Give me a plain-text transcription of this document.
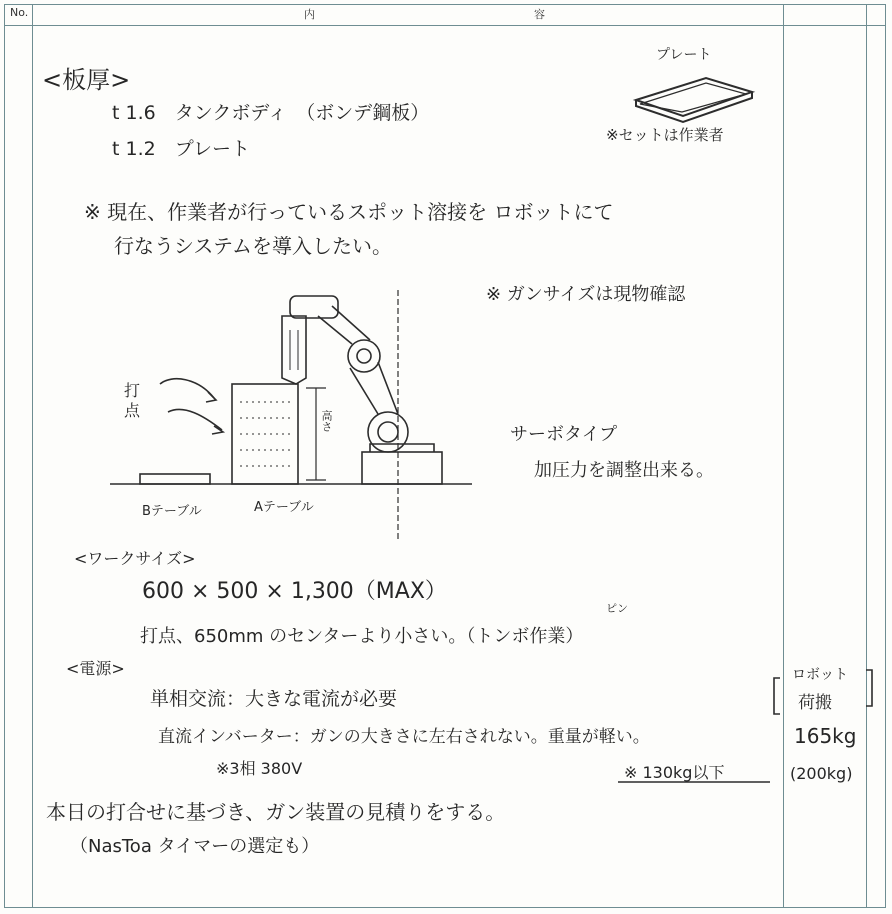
No.	内	容
プレート
※セットは作業者
<板厚>
t 1.6　タンクボディ　（ボンデ鋼板）
t 1.2　プレート
※ 現在、作業者が行っているスポット溶接を ロボットにて
行なうシステムを導入したい。
※ ガンサイズは現物確認
打
点	高さ
Bテーブル	Aテーブル
サーボタイプ
加圧力を調整出来る。
<ワークサイズ>
600 × 500 × 1,300（MAX）
ピン
打点、650mm のセンターより小さい。（トンボ作業）
<電源>
単相交流：大きな電流が必要
直流インバーター：ガンの大きさに左右されない。重量が軽い。
※3相 380V	※ 130kg以下
本日の打合せに基づき、ガン装置の見積りをする。
（NasToa タイマーの選定も）
ロボット
荷搬
165kg
(200kg)
